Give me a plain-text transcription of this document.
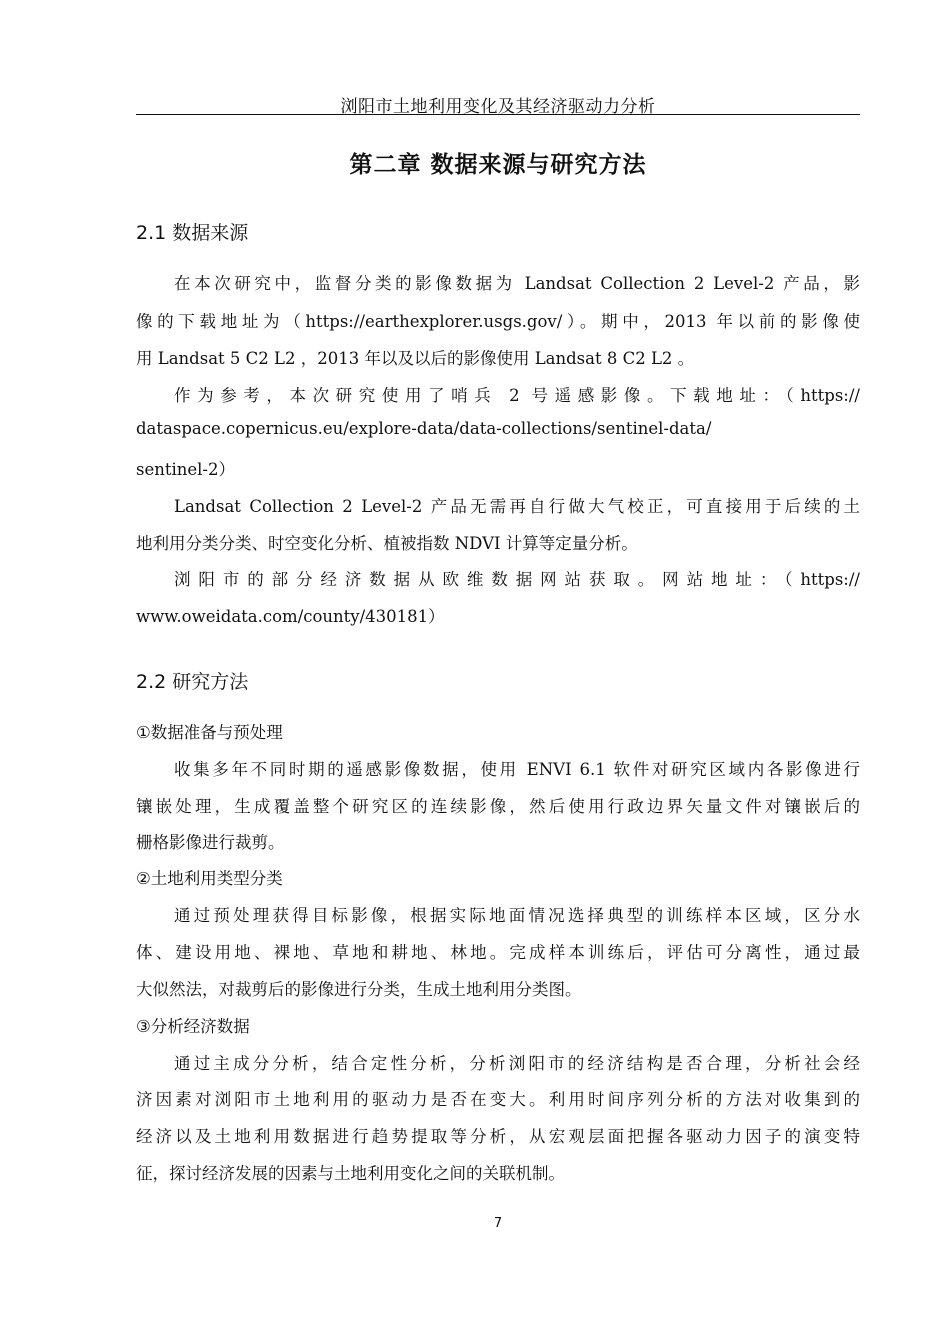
浏阳市土地利用变化及其经济驱动力分析
第二章 数据来源与研究方法
2.1 数据来源
在本次研究中，监督分类的影像数据为 Landsat Collection 2 Level-2 产品，影
像的下载地址为（https://earthexplorer.usgs.gov/）。期中，2013 年以前的影像使
用 Landsat 5 C2 L2 ，2013 年以及以后的影像使用 Landsat 8 C2 L2 。
作为参考，本次研究使用了哨兵 2 号遥感影像。下载地址：（https://
dataspace.copernicus.eu/explore-data/data-collections/sentinel-data/
sentinel-2）
Landsat Collection 2 Level-2 产品无需再自行做大气校正，可直接用于后续的土
地利用分类分类、时空变化分析、植被指数 NDVI 计算等定量分析。
浏阳市的部分经济数据从欧维数据网站获取。网站地址：（https://
www.oweidata.com/county/430181）
2.2 研究方法
①数据准备与预处理
收集多年不同时期的遥感影像数据，使用 ENVI 6.1 软件对研究区域内各影像进行
镶嵌处理，生成覆盖整个研究区的连续影像，然后使用行政边界矢量文件对镶嵌后的
栅格影像进行裁剪。
②土地利用类型分类
通过预处理获得目标影像，根据实际地面情况选择典型的训练样本区域，区分水
体、建设用地、裸地、草地和耕地、林地。完成样本训练后，评估可分离性，通过最
大似然法，对裁剪后的影像进行分类，生成土地利用分类图。
③分析经济数据
通过主成分分析，结合定性分析，分析浏阳市的经济结构是否合理，分析社会经
济因素对浏阳市土地利用的驱动力是否在变大。利用时间序列分析的方法对收集到的
经济以及土地利用数据进行趋势提取等分析，从宏观层面把握各驱动力因子的演变特
征，探讨经济发展的因素与土地利用变化之间的关联机制。
7
